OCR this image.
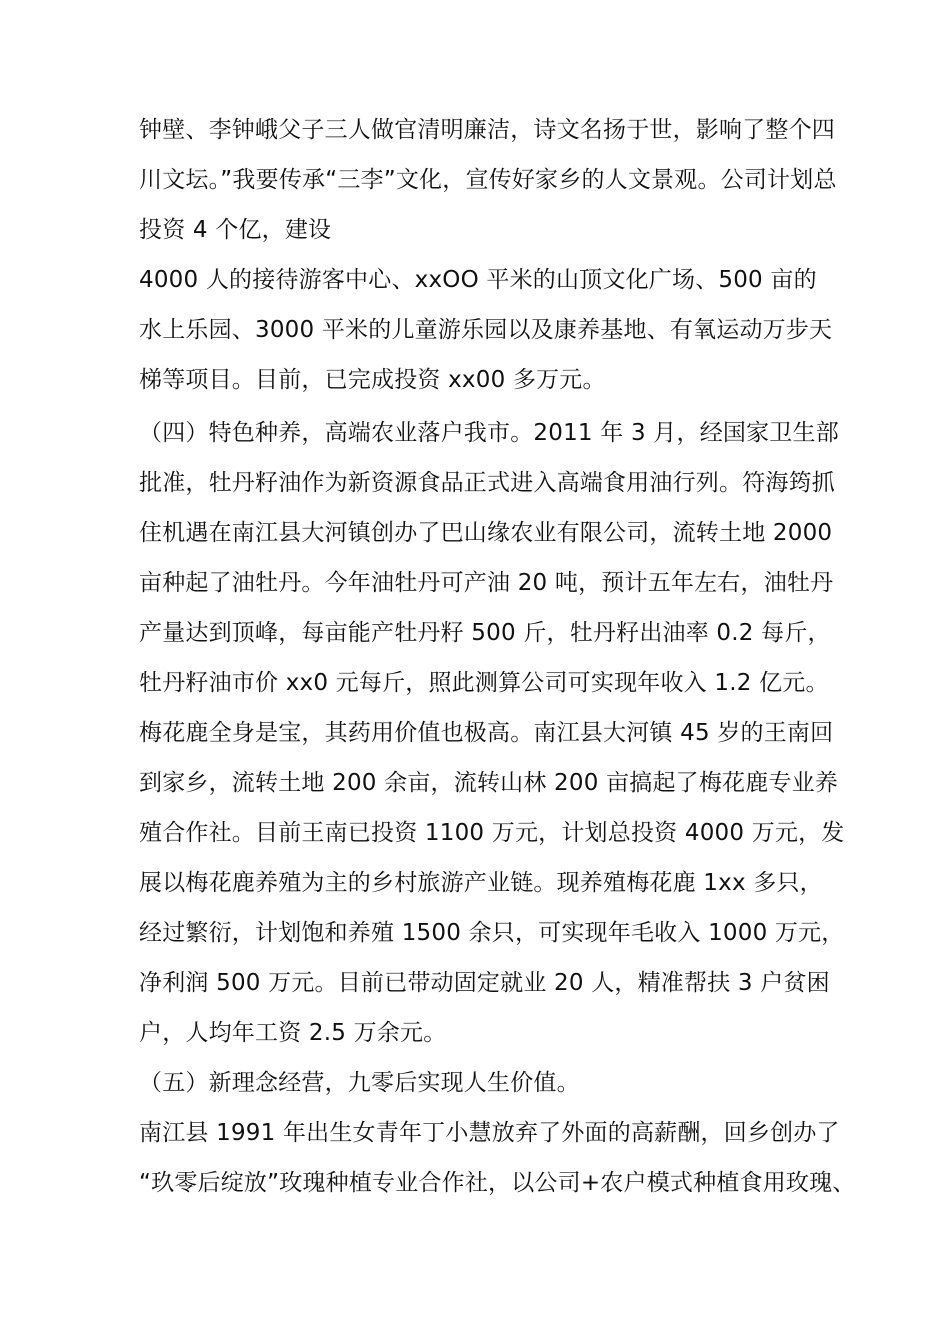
钟壁、李钟峨父子三人做官清明廉洁，诗文名扬于世，影响了整个四
川文坛。”我要传承“三李”文化，宣传好家乡的人文景观。公司计划总
投资 4 个亿，建设
4000 人的接待游客中心、xxOO 平米的山顶文化广场、500 亩的
水上乐园、3000 平米的儿童游乐园以及康养基地、有氧运动万步天
梯等项目。目前，已完成投资 xx00 多万元。
（四）特色种养，高端农业落户我市。2011 年 3 月，经国家卫生部
批准，牡丹籽油作为新资源食品正式进入高端食用油行列。符海筠抓
住机遇在南江县大河镇创办了巴山缘农业有限公司，流转土地 2000
亩种起了油牡丹。今年油牡丹可产油 20 吨，预计五年左右，油牡丹
产量达到顶峰，每亩能产牡丹籽 500 斤，牡丹籽出油率 0.2 每斤，
牡丹籽油市价 xx0 元每斤，照此测算公司可实现年收入 1.2 亿元。
梅花鹿全身是宝，其药用价值也极高。南江县大河镇 45 岁的王南回
到家乡，流转土地 200 余亩，流转山林 200 亩搞起了梅花鹿专业养
殖合作社。目前王南已投资 1100 万元，计划总投资 4000 万元，发
展以梅花鹿养殖为主的乡村旅游产业链。现养殖梅花鹿 1xx 多只，
经过繁衍，计划饱和养殖 1500 余只，可实现年毛收入 1000 万元，
净利润 500 万元。目前已带动固定就业 20 人，精准帮扶 3 户贫困
户，人均年工资 2.5 万余元。
（五）新理念经营，九零后实现人生价值。
南江县 1991 年出生女青年丁小慧放弃了外面的高薪酬，回乡创办了
“玖零后绽放”玫瑰种植专业合作社，以公司+农户模式种植食用玫瑰、
